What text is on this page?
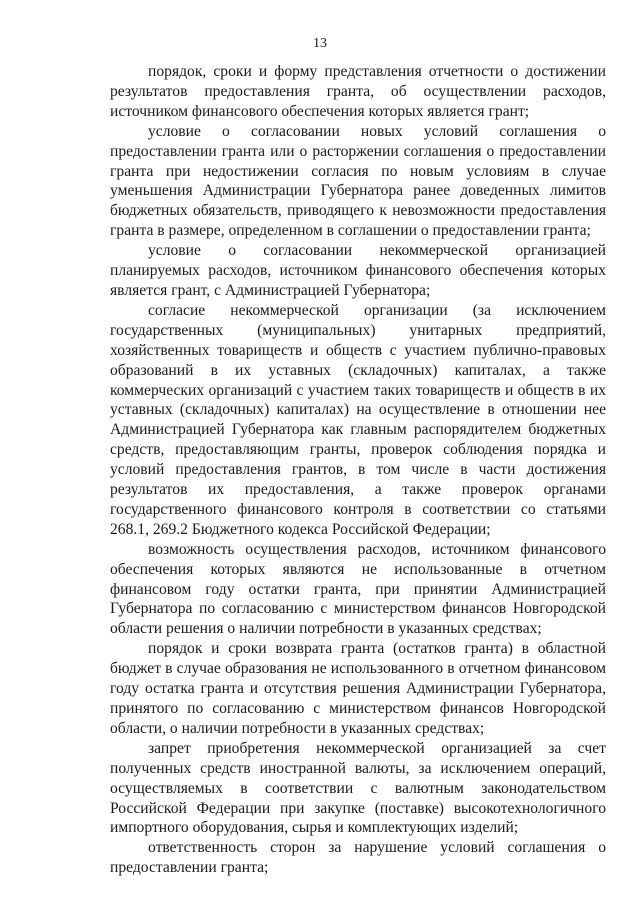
13

порядок, сроки и форму представления отчетности о достижении результатов предоставления гранта, об осуществлении расходов, источником финансового обеспечения которых является грант;

условие о согласовании новых условий соглашения о предоставлении гранта или о расторжении соглашения о предоставлении гранта при недостижении согласия по новым условиям в случае уменьшения Администрации Губернатора ранее доведенных лимитов бюджетных обязательств, приводящего к невозможности предоставления гранта в размере, определенном в соглашении о предоставлении гранта;

условие о согласовании некоммерческой организацией планируемых расходов, источником финансового обеспечения которых является грант, с Администрацией Губернатора;

согласие некоммерческой организации (за исключением государственных (муниципальных) унитарных предприятий, хозяйственных товариществ и обществ с участием публично-правовых образований в их уставных (складочных) капиталах, а также коммерческих организаций с участием таких товариществ и обществ в их уставных (складочных) капиталах) на осуществление в отношении нее Администрацией Губернатора как главным распорядителем бюджетных средств, предоставляющим гранты, проверок соблюдения порядка и условий предоставления грантов, в том числе в части достижения результатов их предоставления, а также проверок органами государственного финансового контроля в соответствии со статьями 268.1, 269.2 Бюджетного кодекса Российской Федерации;

возможность осуществления расходов, источником финансового обеспечения которых являются не использованные в отчетном финансовом году остатки гранта, при принятии Администрацией Губернатора по согласованию с министерством финансов Новгородской области решения о наличии потребности в указанных средствах;

порядок и сроки возврата гранта (остатков гранта) в областной бюджет в случае образования не использованного в отчетном финансовом году остатка гранта и отсутствия решения Администрации Губернатора, принятого по согласованию с министерством финансов Новгородской области, о наличии потребности в указанных средствах;

запрет приобретения некоммерческой организацией за счет полученных средств иностранной валюты, за исключением операций, осуществляемых в соответствии с валютным законодательством Российской Федерации при закупке (поставке) высокотехнологичного импортного оборудования, сырья и комплектующих изделий;

ответственность сторон за нарушение условий соглашения о предоставлении гранта;
